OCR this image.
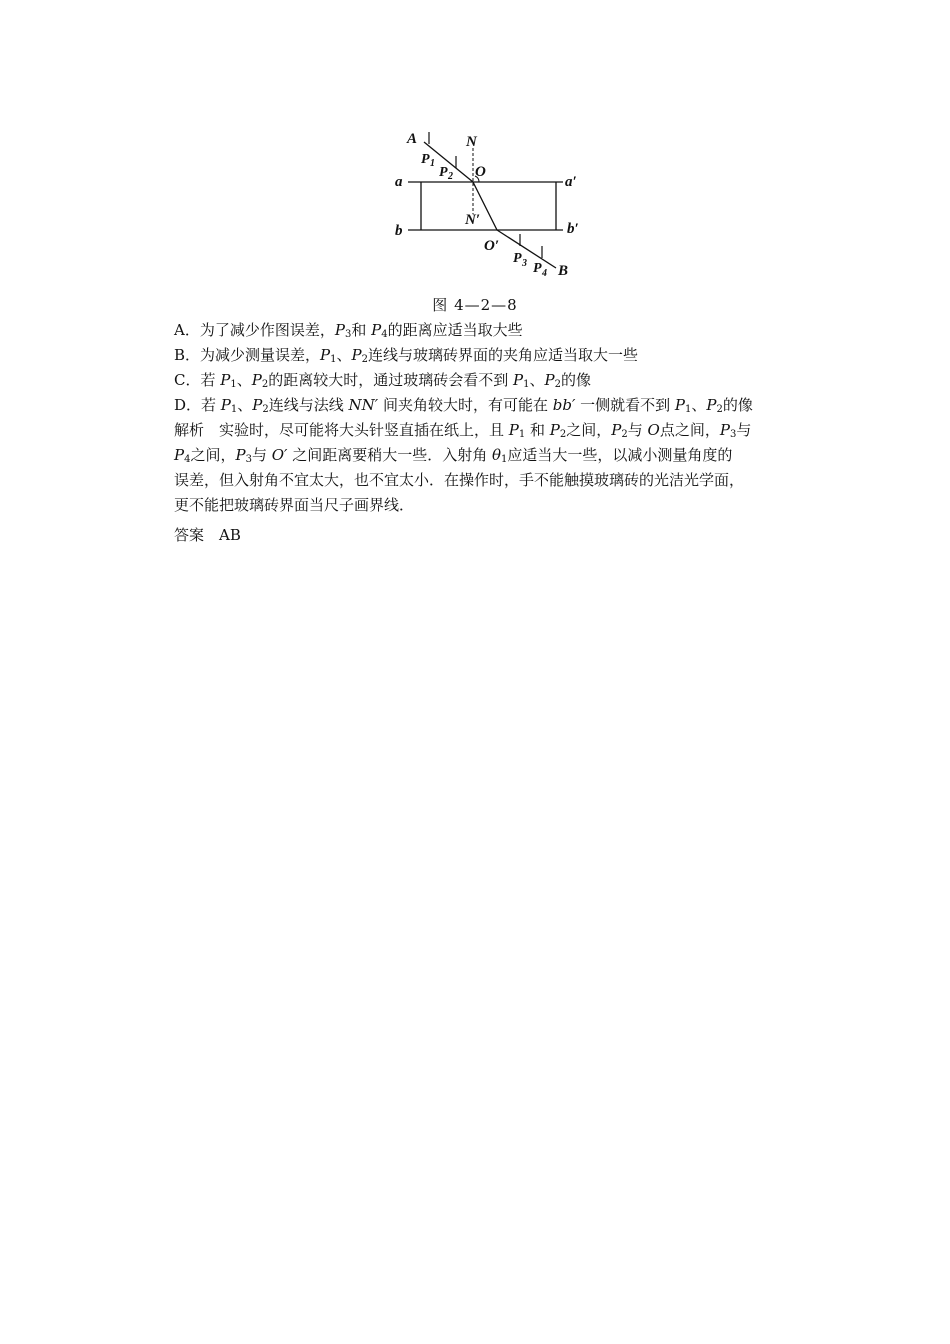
A	N
P 1
P 2 O
a	a′
N′
b	b′
O′
P 3 P 4 B
图 4—2—8
A．为了减少作图误差，P3和 P4的距离应适当取大些
B．为减少测量误差，P1、P2连线与玻璃砖界面的夹角应适当取大一些
C．若 P1、P2的距离较大时，通过玻璃砖会看不到 P1、P2的像
D．若 P1、P2连线与法线 NN′ 间夹角较大时，有可能在 bb′ 一侧就看不到 P1、P2的像
解析　实验时，尽可能将大头针竖直插在纸上，且 P1 和 P2之间，P2与 O点之间，P3与
P4之间，P3与 O′ 之间距离要稍大一些．入射角 θ1应适当大一些，以减小测量角度的
误差，但入射角不宜太大，也不宜太小．在操作时，手不能触摸玻璃砖的光洁光学面，
更不能把玻璃砖界面当尺子画界线．
答案　AB
